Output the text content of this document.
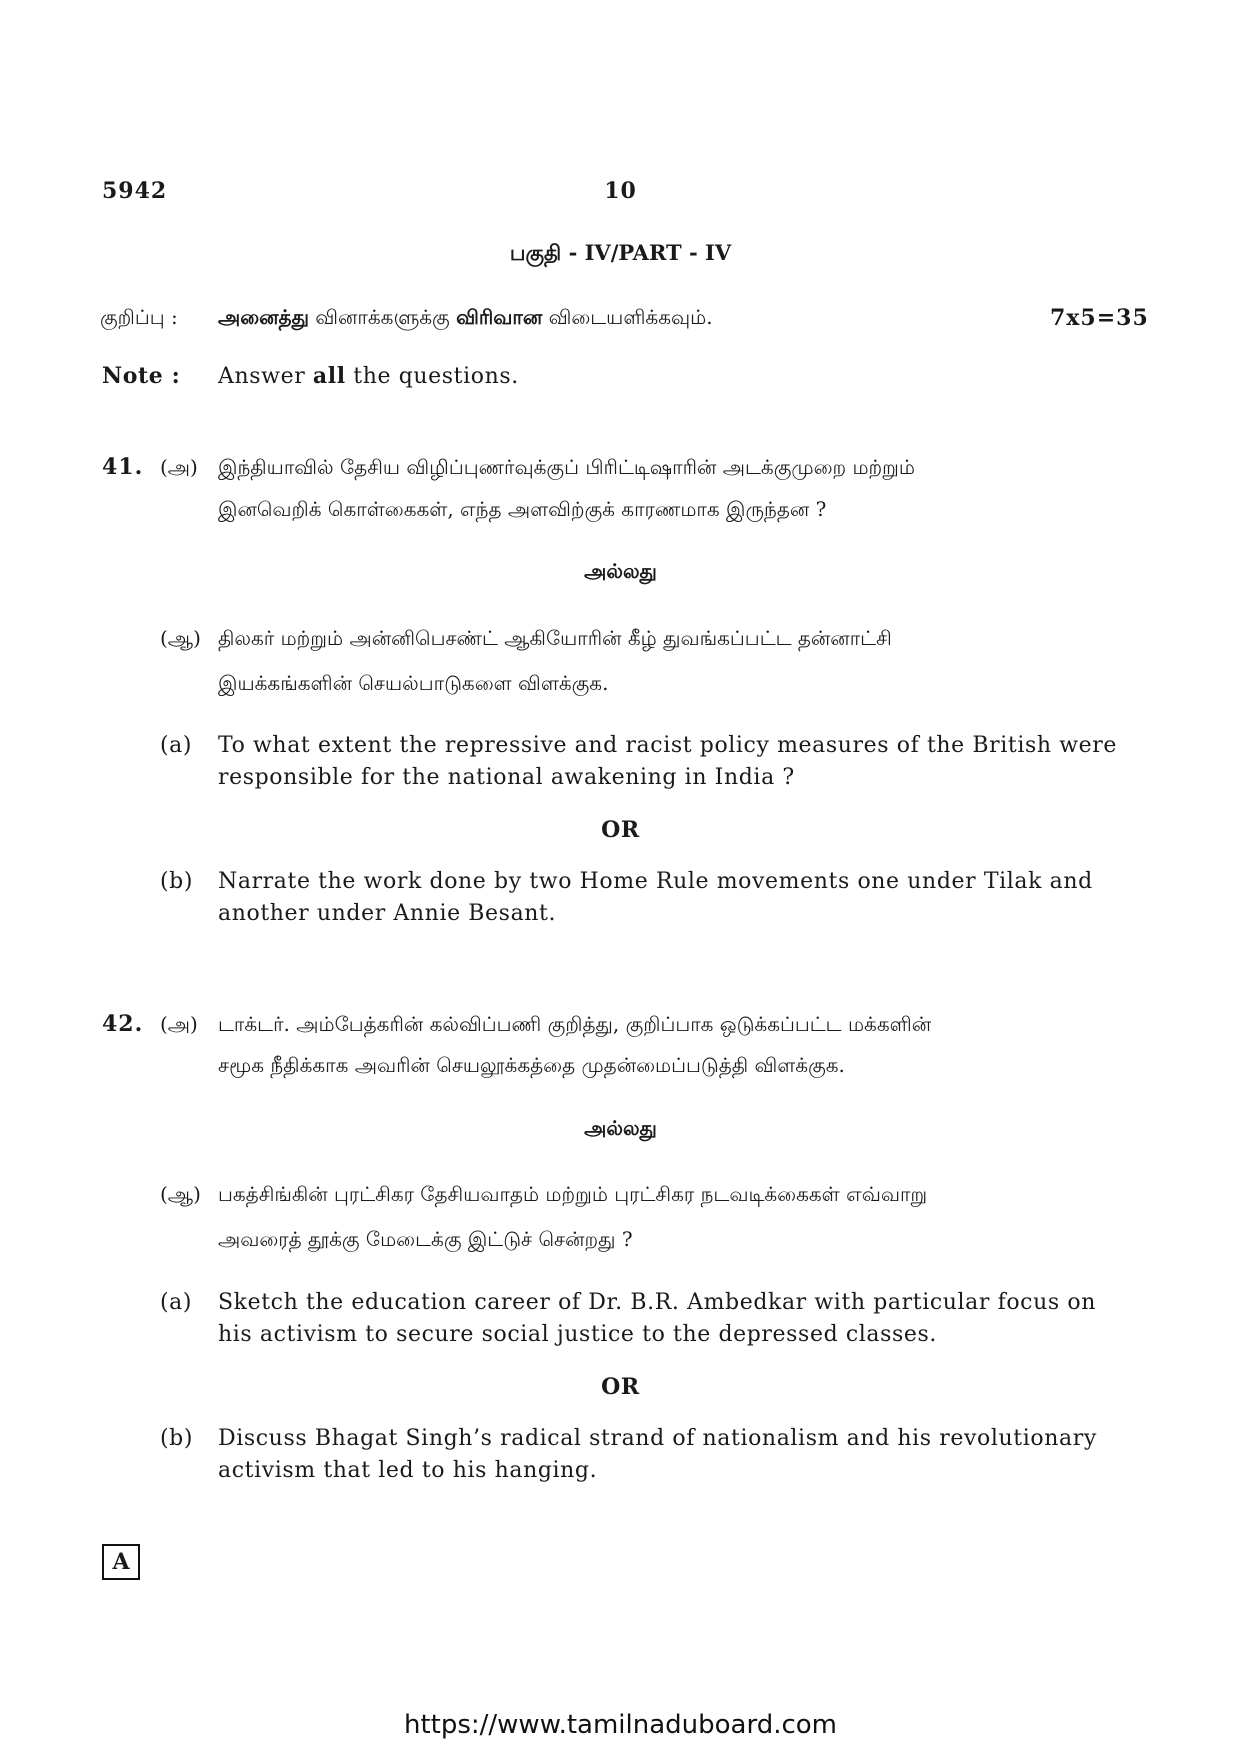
5942	10
பகுதி - IV/PART - IV
குறிப்பு : அனைத்து வினாக்களுக்கு விரிவான விடையளிக்கவும்.	7x5=35
Note : Answer all the questions.
41. (அ) இந்தியாவில் தேசிய விழிப்புணர்வுக்குப் பிரிட்டிஷாரின் அடக்குமுறை மற்றும்
இனவெறிக் கொள்கைகள், எந்த அளவிற்குக் காரணமாக இருந்தன ?
அல்லது
(ஆ) திலகர் மற்றும் அன்னிபெசண்ட் ஆகியோரின் கீழ் துவங்கப்பட்ட தன்னாட்சி
இயக்கங்களின் செயல்பாடுகளை விளக்குக.
(a) To what extent the repressive and racist policy measures of the British were
responsible for the national awakening in India ?
OR
(b) Narrate the work done by two Home Rule movements one under Tilak and
another under Annie Besant.
42. (அ) டாக்டர். அம்பேத்கரின் கல்விப்பணி குறித்து, குறிப்பாக ஒடுக்கப்பட்ட மக்களின்
சமூக நீதிக்காக அவரின் செயலூக்கத்தை முதன்மைப்படுத்தி விளக்குக.
அல்லது
(ஆ) பகத்சிங்கின் புரட்சிகர தேசியவாதம் மற்றும் புரட்சிகர நடவடிக்கைகள் எவ்வாறு
அவரைத் தூக்கு மேடைக்கு இட்டுச் சென்றது ?
(a) Sketch the education career of Dr. B.R. Ambedkar with particular focus on
his activism to secure social justice to the depressed classes.
OR
(b) Discuss Bhagat Singh’s radical strand of nationalism and his revolutionary
activism that led to his hanging.
A
https://www.tamilnaduboard.com
